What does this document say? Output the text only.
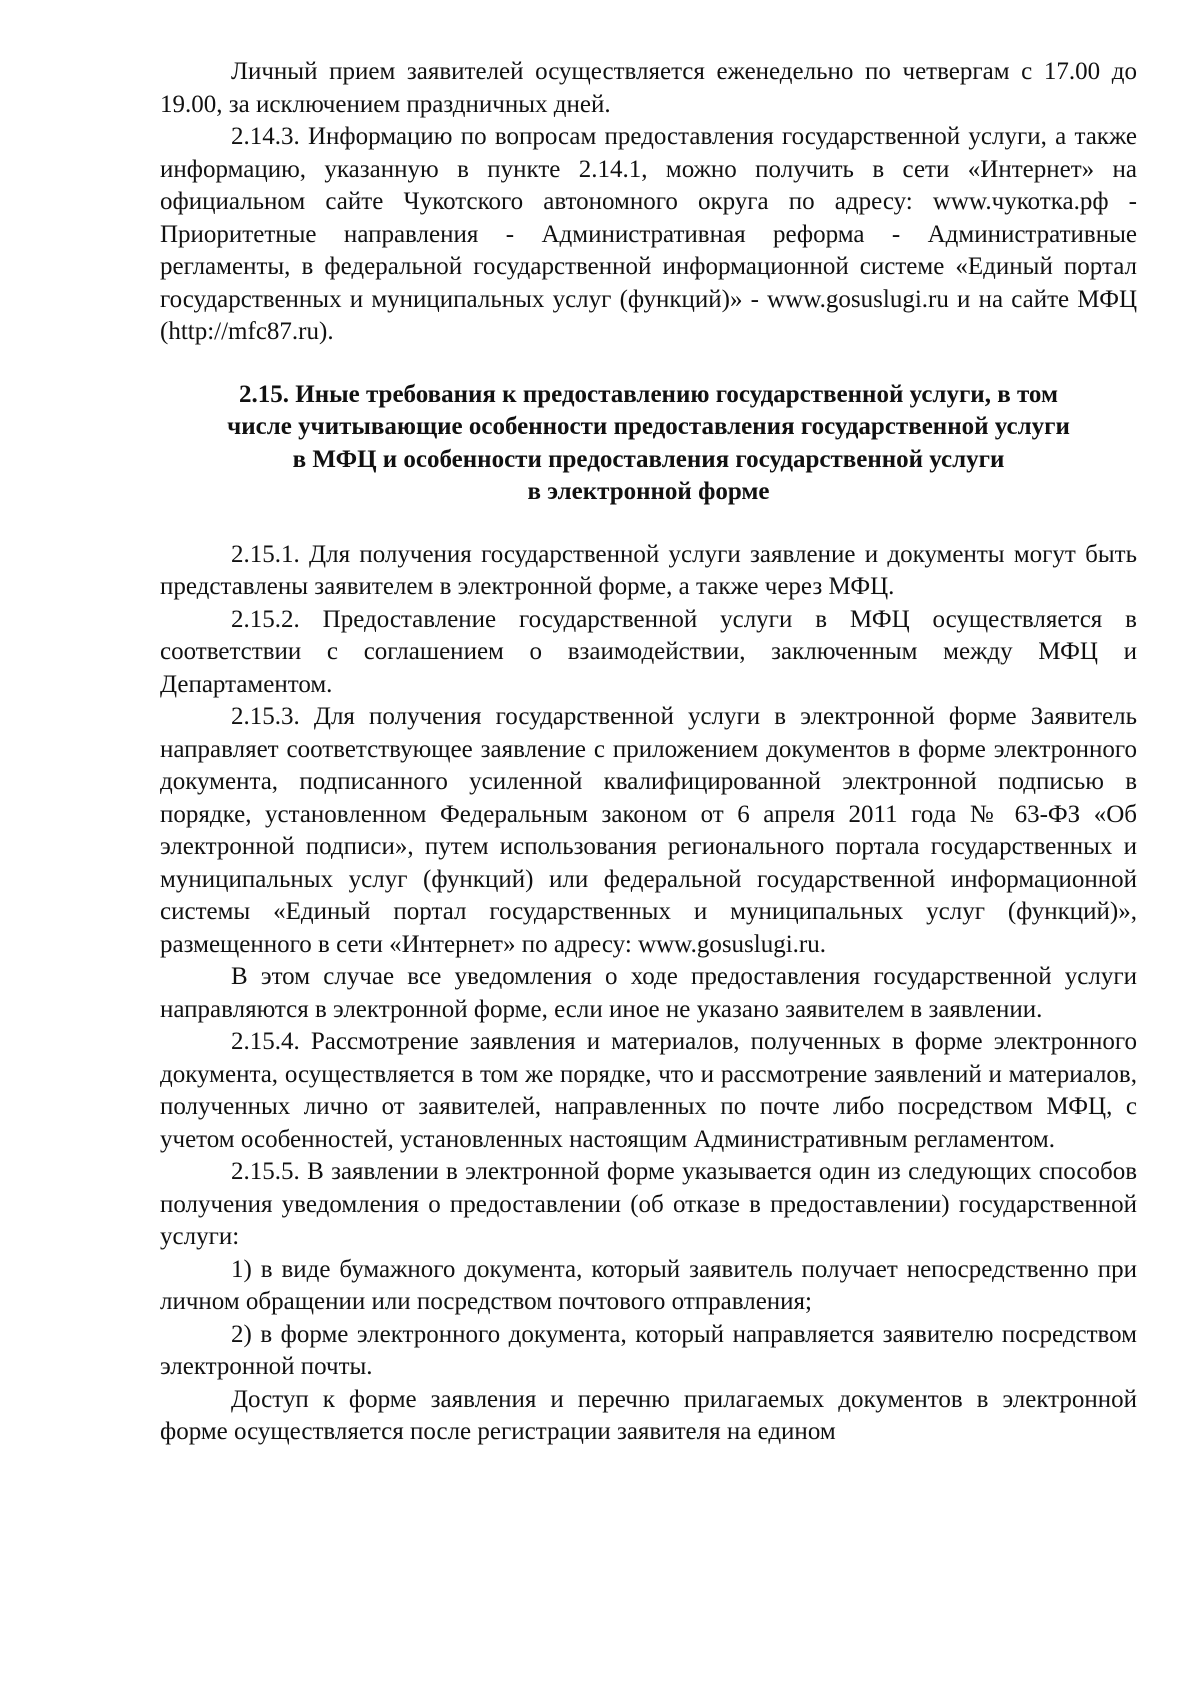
Личный прием заявителей осуществляется еженедельно по четвергам с 17.00 до 19.00, за исключением праздничных дней.

2.14.3. Информацию по вопросам предоставления государственной услуги, а также информацию, указанную в пункте 2.14.1, можно получить в сети «Интернет» на официальном сайте Чукотского автономного округа по адресу: www.чукотка.рф - Приоритетные направления - Административная реформа - Административные регламенты, в федеральной государственной информационной системе «Единый портал государственных и муниципальных услуг (функций)» - www.gosuslugi.ru и на сайте МФЦ (http://mfc87.ru).

2.15. Иные требования к предоставлению государственной услуги, в том
числе учитывающие особенности предоставления государственной услуги
в МФЦ и особенности предоставления государственной услуги
в электронной форме

2.15.1. Для получения государственной услуги заявление и документы могут быть представлены заявителем в электронной форме, а также через МФЦ.

2.15.2. Предоставление государственной услуги в МФЦ осуществляется в соответствии с соглашением о взаимодействии, заключенным между МФЦ и Департаментом.

2.15.3. Для получения государственной услуги в электронной форме Заявитель направляет соответствующее заявление с приложением документов в форме электронного документа, подписанного усиленной квалифицированной электронной подписью в порядке, установленном Федеральным законом от 6 апреля 2011 года № 63-ФЗ «Об электронной подписи», путем использования регионального портала государственных и муниципальных услуг (функций) или федеральной государственной информационной системы «Единый портал государственных и муниципальных услуг (функций)», размещенного в сети «Интернет» по адресу: www.gosuslugi.ru.

В этом случае все уведомления о ходе предоставления государственной услуги направляются в электронной форме, если иное не указано заявителем в заявлении.

2.15.4. Рассмотрение заявления и материалов, полученных в форме электронного документа, осуществляется в том же порядке, что и рассмотрение заявлений и материалов, полученных лично от заявителей, направленных по почте либо посредством МФЦ, с учетом особенностей, установленных настоящим Административным регламентом.

2.15.5. В заявлении в электронной форме указывается один из следующих способов получения уведомления о предоставлении (об отказе в предоставлении) государственной услуги:

1) в виде бумажного документа, который заявитель получает непосредственно при личном обращении или посредством почтового отправления;

2) в форме электронного документа, который направляется заявителю посредством электронной почты.

Доступ к форме заявления и перечню прилагаемых документов в электронной форме осуществляется после регистрации заявителя на едином
